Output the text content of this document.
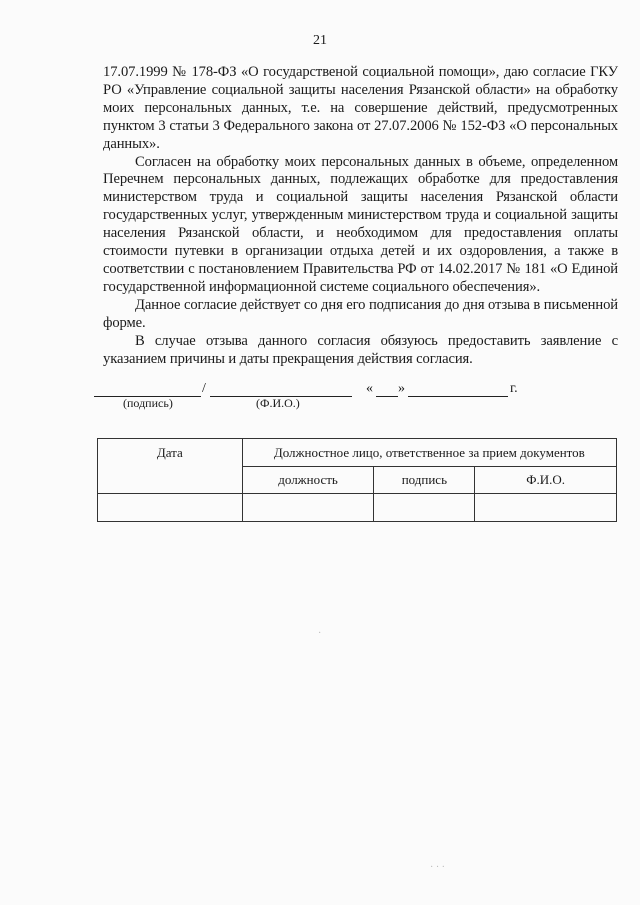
21

17.07.1999 № 178-ФЗ «О государственой социальной помощи», даю согласие ГКУ РО «Управление социальной защиты населения Рязанской области» на обработку моих персональных данных, т.е. на совершение действий, предусмотренных пунктом 3 статьи 3 Федерального закона от 27.07.2006 № 152-ФЗ «О персональных данных».

Согласен на обработку моих персональных данных в объеме, определенном Перечнем персональных данных, подлежащих обработке для предоставления министерством труда и социальной защиты населения Рязанской области государственных услуг, утвержденным министерством труда и социальной защиты населения Рязанской области, и необходимом для предоставления оплаты стоимости путевки в организации отдыха детей и их оздоровления, а также в соответствии с постановлением Правительства РФ от 14.02.2017 № 181 «О Единой государственной информационной системе социального обеспечения».

Данное согласие действует со дня его подписания до дня отзыва в письменной форме.

В случае отзыва данного согласия обязуюсь предоставить заявление с указанием причины и даты прекращения действия согласия.

/	« »	г.
(подпись)	(Ф.И.О.)
Дата	Должностное лицо, ответственное за прием документов		
	должность	подпись	Ф.И.О.

·
· · ·
